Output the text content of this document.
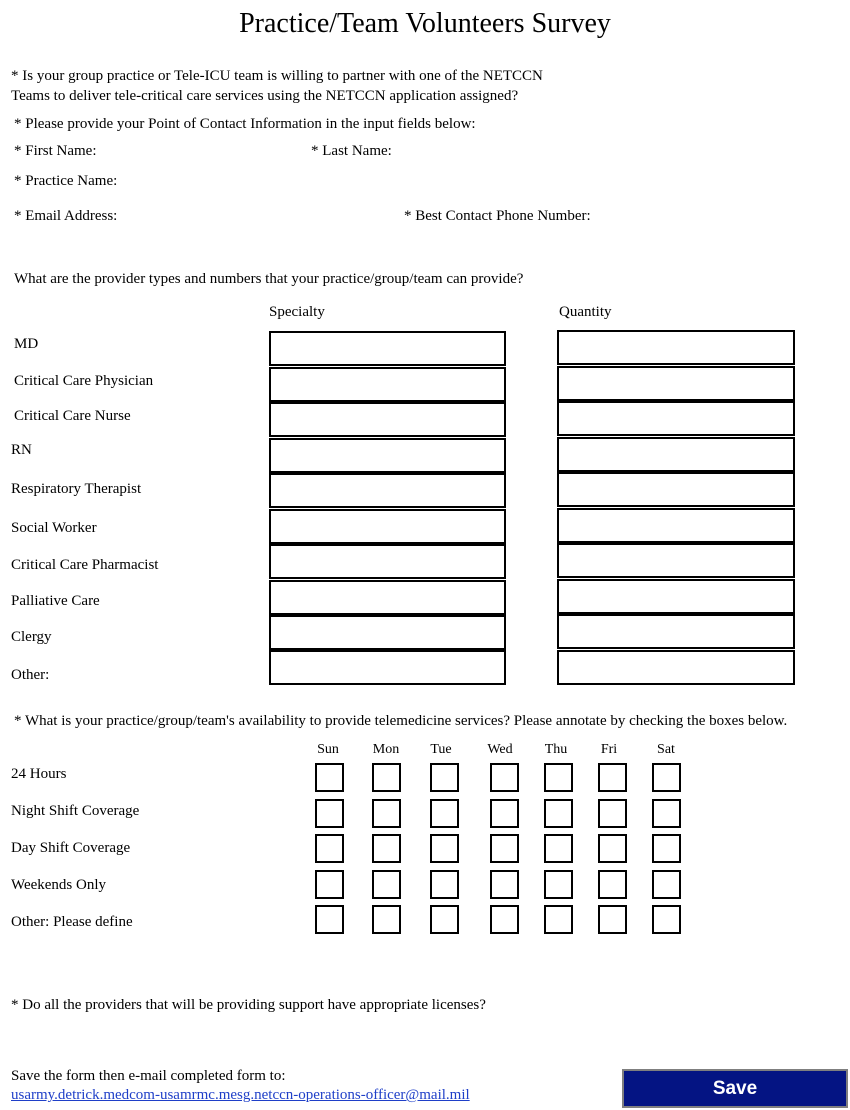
Practice/Team Volunteers Survey
* Is your group practice or Tele-ICU team is willing to partner with one of the NETCCN
Teams to deliver tele-critical care services using the NETCCN application assigned?
* Please provide your Point of Contact Information in the input fields below:
* First Name:	* Last Name:
* Practice Name:
* Email Address:	* Best Contact Phone Number:
What are the provider types and numbers that your practice/group/team can provide?
Specialty	Quantity
MD
Critical Care Physician
Critical Care Nurse
RN
Respiratory Therapist
Social Worker
Critical Care Pharmacist
Palliative Care
Clergy
Other:
* What is your practice/group/team's availability to provide telemedicine services? Please annotate by checking the boxes below.
Sun	Mon	Tue	Wed	Thu	Fri	Sat
24 Hours
Night Shift Coverage
Day Shift Coverage
Weekends Only
Other: Please define
* Do all the providers that will be providing support have appropriate licenses?
Save the form then e-mail completed form to:
usarmy.detrick.medcom-usamrmc.mesg.netccn-operations-officer@mail.mil	Save
